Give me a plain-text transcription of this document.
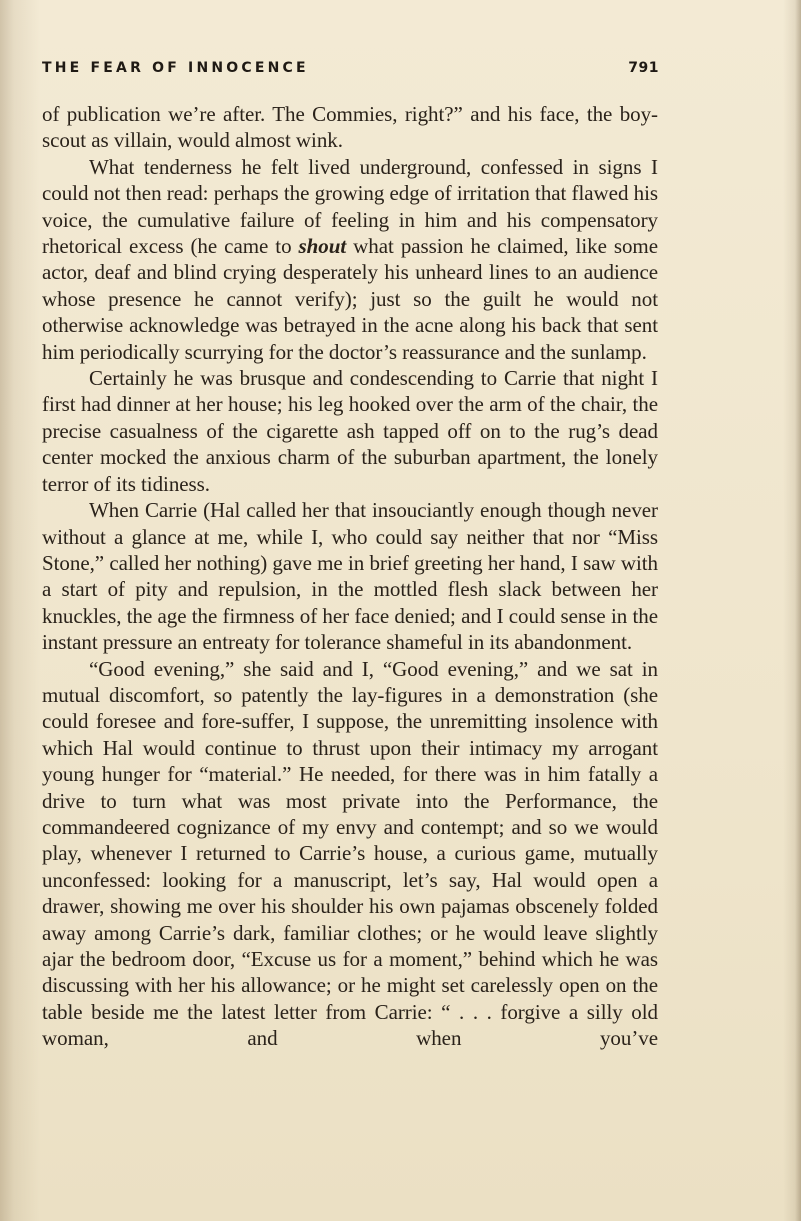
THE FEAR OF INNOCENCE	791

of publication we’re after. The Commies, right?” and his face, the boy-scout as villain, would almost wink.

What tenderness he felt lived underground, confessed in signs I could not then read: perhaps the growing edge of irritation that flawed his voice, the cumulative failure of feeling in him and his compensatory rhetorical excess (he came to shout what passion he claimed, like some actor, deaf and blind crying desperately his unheard lines to an audience whose presence he cannot verify); just so the guilt he would not otherwise acknowledge was betrayed in the acne along his back that sent him periodically scurrying for the doctor’s reassurance and the sunlamp.

Certainly he was brusque and condescending to Carrie that night I first had dinner at her house; his leg hooked over the arm of the chair, the precise casualness of the cigarette ash tapped off on to the rug’s dead center mocked the anxious charm of the suburban apartment, the lonely terror of its tidiness.

When Carrie (Hal called her that insouciantly enough though never without a glance at me, while I, who could say neither that nor “Miss Stone,” called her nothing) gave me in brief greeting her hand, I saw with a start of pity and repulsion, in the mottled flesh slack between her knuckles, the age the firmness of her face denied; and I could sense in the instant pressure an entreaty for tolerance shameful in its abandonment.

“Good evening,” she said and I, “Good evening,” and we sat in mutual discomfort, so patently the lay-figures in a demonstration (she could foresee and fore-suffer, I suppose, the unremitting insolence with which Hal would continue to thrust upon their intimacy my arrogant young hunger for “material.” He needed, for there was in him fatally a drive to turn what was most private into the Performance, the commandeered cognizance of my envy and contempt; and so we would play, whenever I returned to Carrie’s house, a curious game, mutually unconfessed: looking for a manuscript, let’s say, Hal would open a drawer, showing me over his shoulder his own pajamas obscenely folded away among Carrie’s dark, familiar clothes; or he would leave slightly ajar the bedroom door, “Excuse us for a moment,” behind which he was discussing with her his allowance; or he might set carelessly open on the table beside me the latest letter from Carrie: “ . . . forgive a silly old woman, and when you’ve
